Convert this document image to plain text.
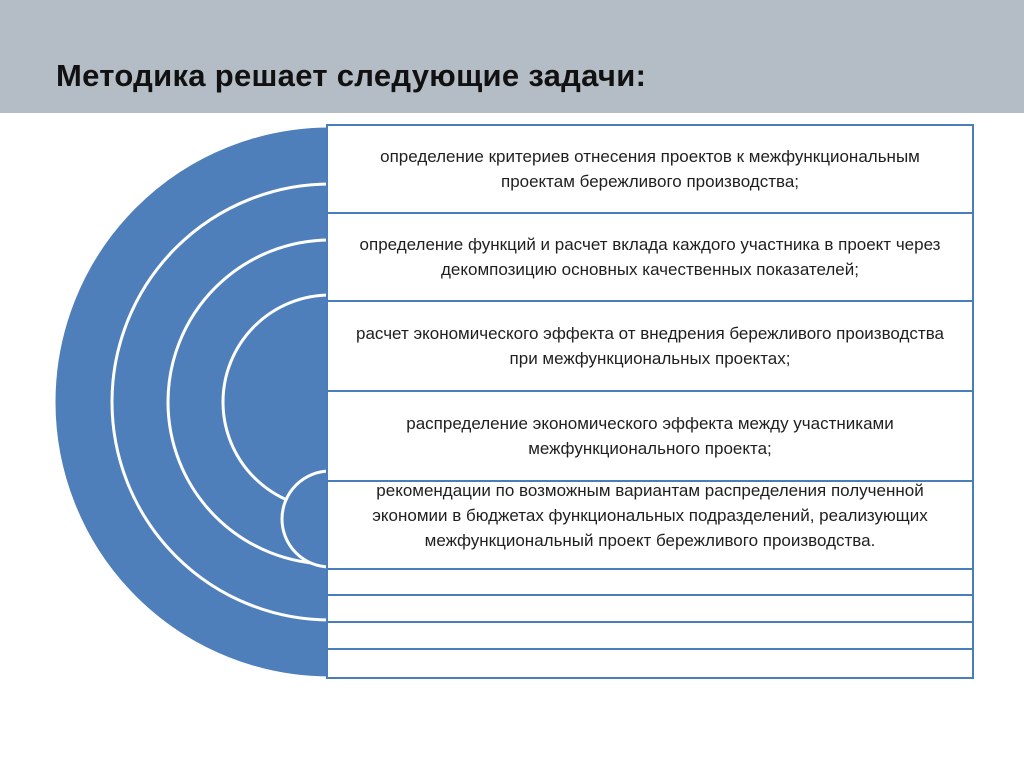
Методика решает следующие задачи:
определение критериев отнесения проектов к межфункциональным проектам бережливого производства;
определение функций и расчет вклада каждого участника в проект через декомпозицию основных качественных показателей;
расчет экономического эффекта от внедрения бережливого производства при межфункциональных проектах;
распределение экономического эффекта между участниками межфункционального проекта;
рекомендации по возможным вариантам распределения полученной экономии в бюджетах функциональных подразделений, реализующих межфункциональный проект бережливого производства.
